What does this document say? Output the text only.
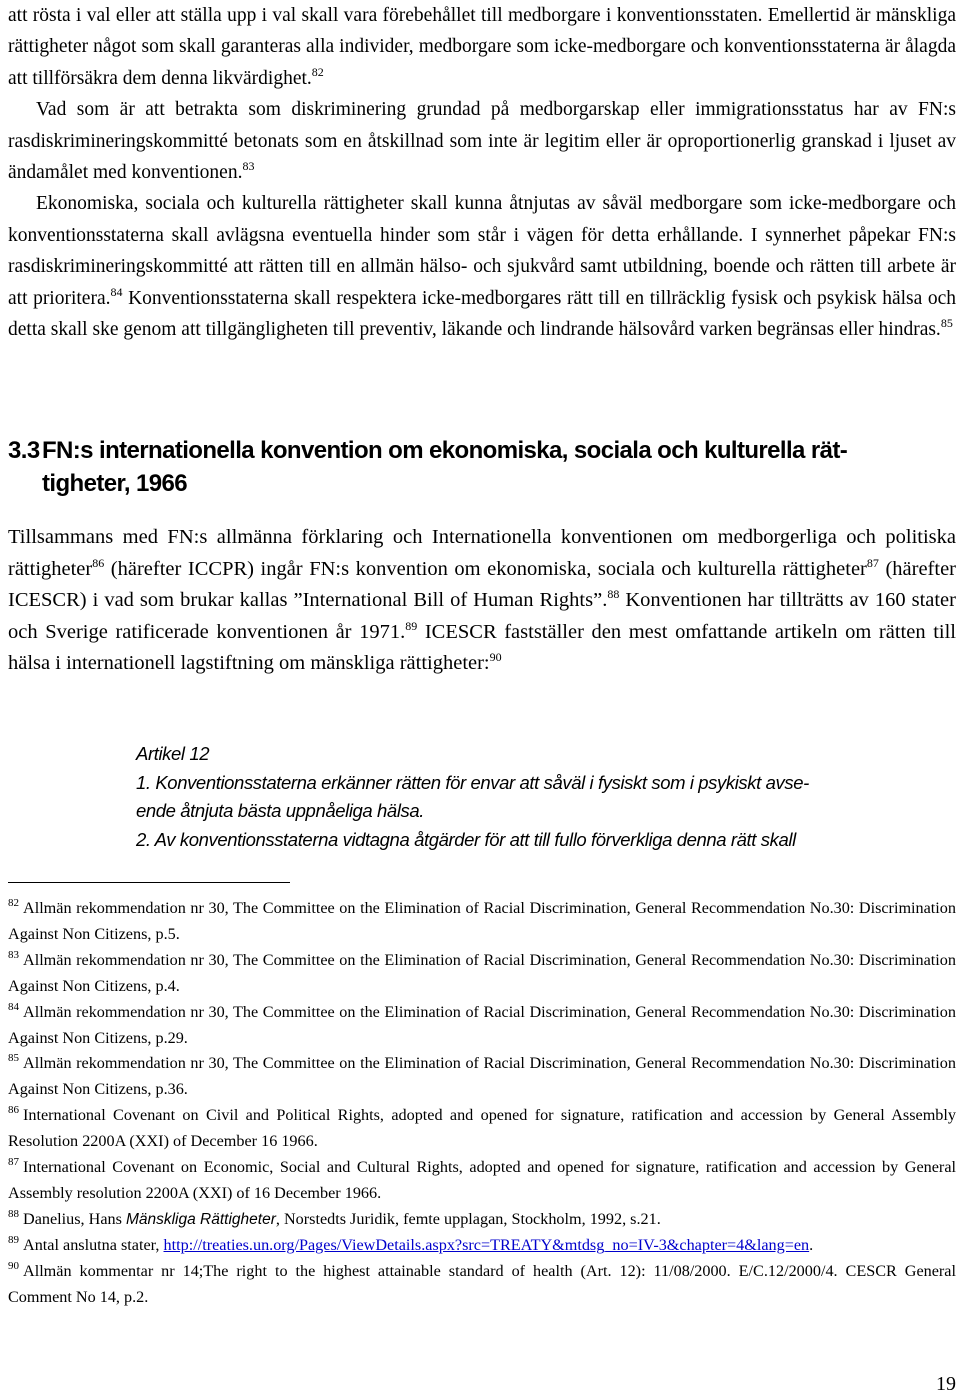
att rösta i val eller att ställa upp i val skall vara förebehållet till medborgare i konventionsstaten. Emellertid är mänskliga rättigheter något som skall garanteras alla individer, medborgare som icke-medborgare och konventionsstaterna är ålagda att tillförsäkra dem denna likvärdighet.$^{82}$

Vad som är att betrakta som diskriminering grundad på medborgarskap eller immigrationsstatus har av FN:s rasdiskrimineringskommitté betonats som en åtskillnad som inte är legitim eller är oproportionerlig granskad i ljuset av ändamålet med konventionen.$^{83}$

Ekonomiska, sociala och kulturella rättigheter skall kunna åtnjutas av såväl medborgare som icke-medborgare och konventionsstaterna skall avlägsna eventuella hinder som står i vägen för detta erhållande. I synnerhet påpekar FN:s rasdiskrimineringskommitté att rätten till en allmän hälso- och sjukvård samt utbildning, boende och rätten till arbete är att prioritera.$^{84}$ Konventionsstaterna skall respektera icke-medborgares rätt till en tillräcklig fysisk och psykisk hälsa och detta skall ske genom att tillgängligheten till preventiv, läkande och lindrande hälsovård varken begränsas eller hindras.$^{85}$

3.3 FN:s internationella konvention om ekonomiska, sociala och kulturella rät-
tigheter, 1966
Tillsammans med FN:s allmänna förklaring och Internationella konventionen om medborgerliga och politiska rättigheter$^{86}$ (härefter ICCPR) ingår FN:s konvention om ekonomiska, sociala och kulturella rättigheter$^{87}$ (härefter ICESCR) i vad som brukar kallas ”International Bill of Human Rights”.$^{88}$ Konventionen har tillträtts av 160 stater och Sverige ratificerade konventionen år 1971.89 ICESCR fastställer den mest omfattande artikeln om rätten till hälsa i internationell lagstiftning om mänskliga rättigheter:$^{90}$
Artikel 12
1. Konventionsstaterna erkänner rätten för envar att såväl i fysiskt som i psykiskt avse-
ende åtnjuta bästa uppnåeliga hälsa.
2. Av konventionsstaterna vidtagna åtgärder för att till fullo förverkliga denna rätt skall

$^{82}$ Allmän rekommendation nr 30, The Committee on the Elimination of Racial Discrimination, General Recommendation No.30: Discrimination Against Non Citizens, p.5.

$^{83}$ Allmän rekommendation nr 30, The Committee on the Elimination of Racial Discrimination, General Recommendation No.30: Discrimination Against Non Citizens, p.4.

$^{84}$ Allmän rekommendation nr 30, The Committee on the Elimination of Racial Discrimination, General Recommendation No.30: Discrimination Against Non Citizens, p.29.

$^{85}$ Allmän rekommendation nr 30, The Committee on the Elimination of Racial Discrimination, General Recommendation No.30: Discrimination Against Non Citizens, p.36.

$^{86}$ International Covenant on Civil and Political Rights, adopted and opened for signature, ratification and accession by General Assembly Resolution 2200A (XXI) of December 16 1966.

$^{87}$ International Covenant on Economic, Social and Cultural Rights, adopted and opened for signature, ratification and accession by General Assembly resolution 2200A (XXI) of 16 December 1966.

$^{88}$ Danelius, Hans Mänskliga Rättigheter, Norstedts Juridik, femte upplagan, Stockholm, 1992, s.21.

$^{89}$ Antal anslutna stater, http://treaties.un.org/Pages/ViewDetails.aspx?src=TREATY&mtdsg_no=IV-3&chapter=4&lang=en.

$^{90}$ Allmän kommentar nr 14;The right to the highest attainable standard of health (Art. 12): 11/08/2000. E/C.12/2000/4. CESCR General Comment No 14, p.2.

19
